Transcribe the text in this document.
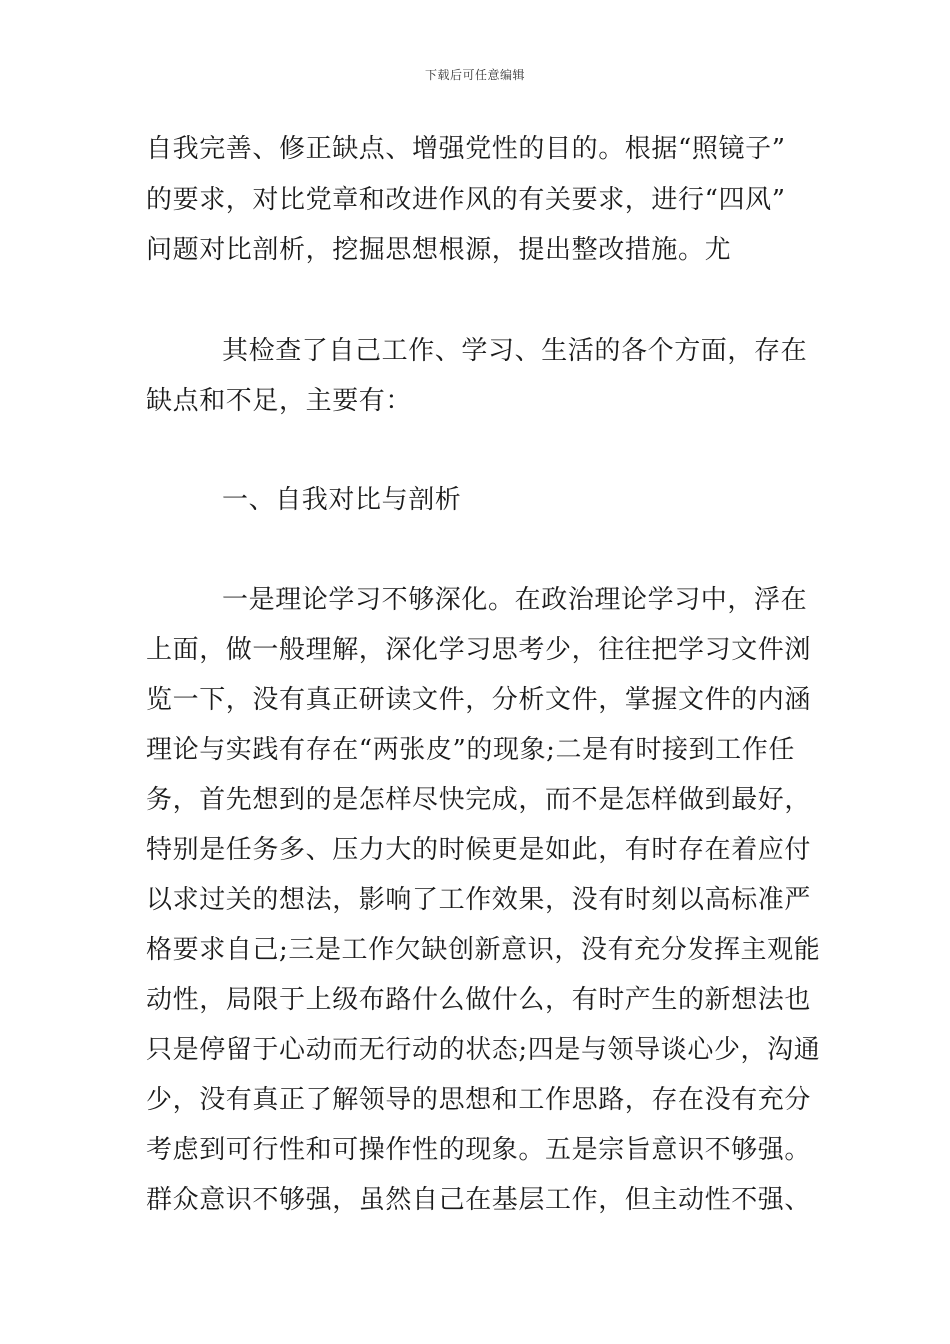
下载后可任意编辑
自我完善、修正缺点、增强党性的目的。根据“照镜子”
的要求，对比党章和改进作风的有关要求，进行“四风”
问题对比剖析，挖掘思想根源，提出整改措施。尤
其检查了自己工作、学习、生活的各个方面，存在
缺点和不足，主要有：
一、自我对比与剖析
一是理论学习不够深化。在政治理论学习中，浮在
上面，做一般理解，深化学习思考少，往往把学习文件浏
览一下，没有真正研读文件，分析文件，掌握文件的内涵
理论与实践有存在“两张皮”的现象;二是有时接到工作任
务，首先想到的是怎样尽快完成，而不是怎样做到最好，
特别是任务多、压力大的时候更是如此，有时存在着应付
以求过关的想法，影响了工作效果，没有时刻以高标准严
格要求自己;三是工作欠缺创新意识，没有充分发挥主观能
动性，局限于上级布路什么做什么，有时产生的新想法也
只是停留于心动而无行动的状态;四是与领导谈心少，沟通
少，没有真正了解领导的思想和工作思路，存在没有充分
考虑到可行性和可操作性的现象。五是宗旨意识不够强。
群众意识不够强，虽然自己在基层工作，但主动性不强、
